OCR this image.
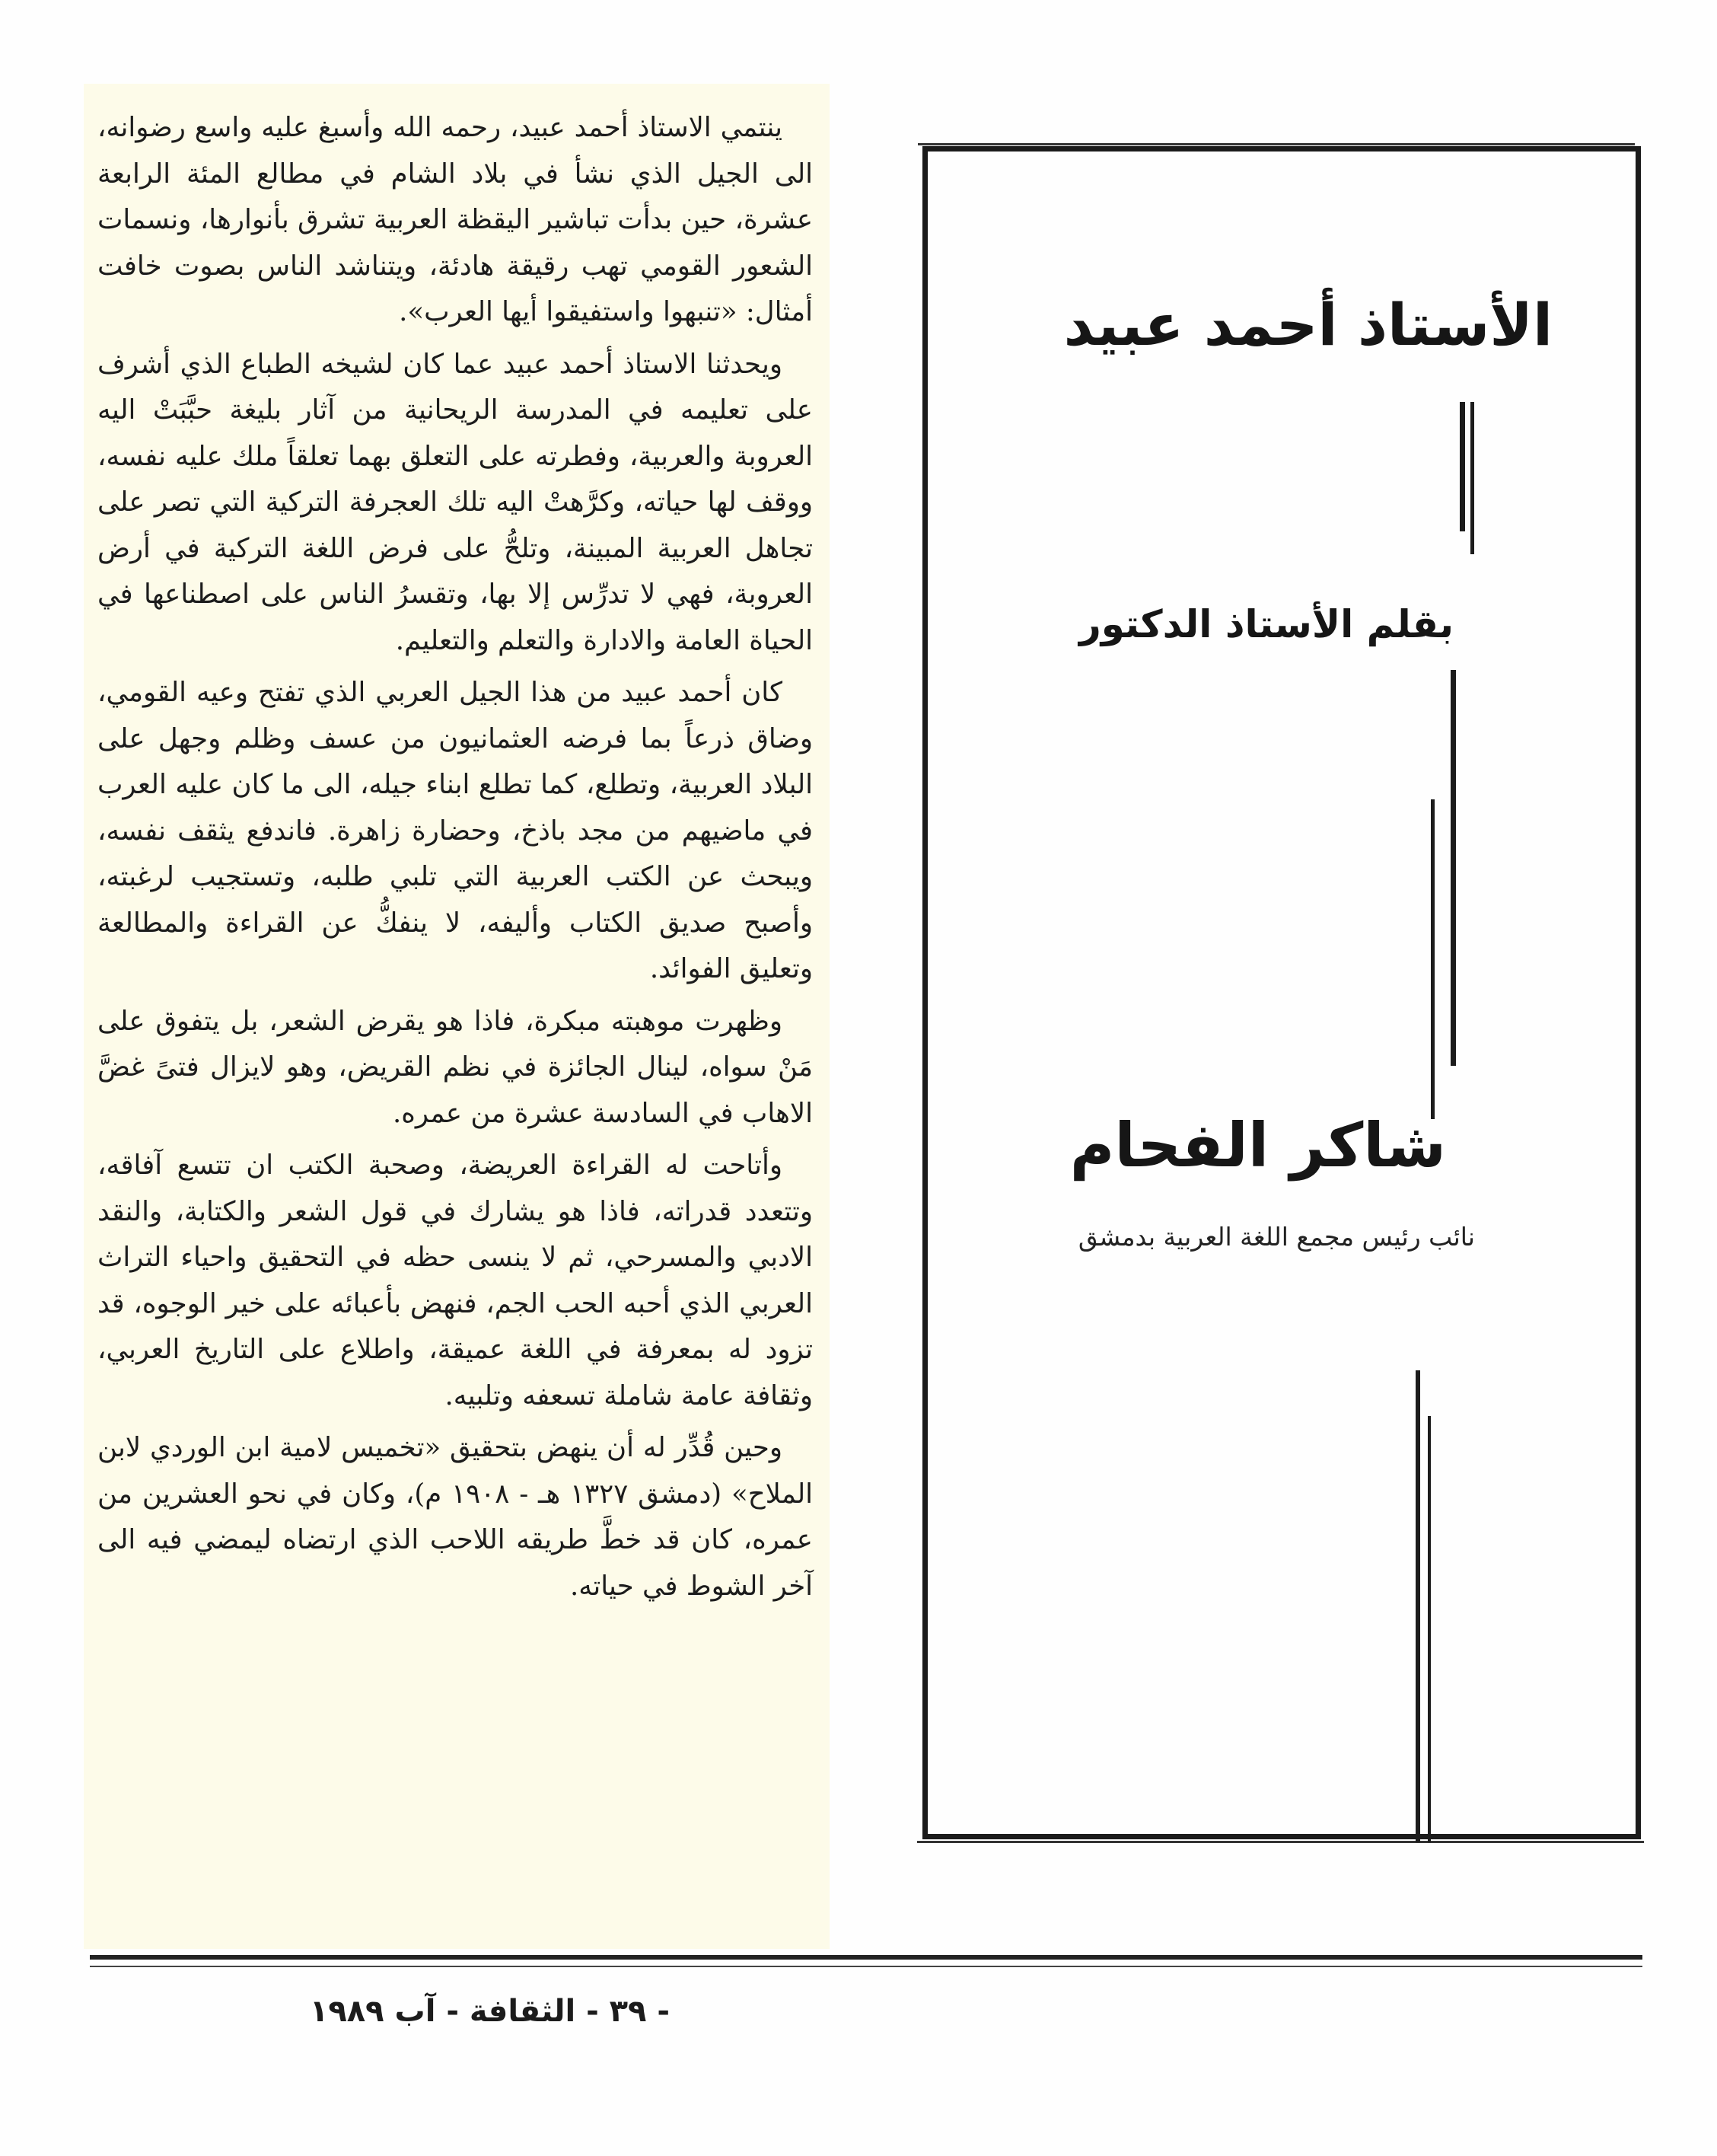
ينتمي الاستاذ أحمد عبيد، رحمه الله وأسبغ عليه واسع رضوانه، الى الجيل الذي نشأ في بلاد الشام في مطالع المئة الرابعة عشرة، حين بدأت تباشير اليقظة العربية تشرق بأنوارها، ونسمات الشعور القومي تهب رقيقة هادئة، ويتناشد الناس بصوت خافت أمثال: «تنبهوا واستفيقوا أيها العرب».

ويحدثنا الاستاذ أحمد عبيد عما كان لشيخه الطباع الذي أشرف على تعليمه في المدرسة الريحانية من آثار بليغة حبَّبَتْ اليه العروبة والعربية، وفطرته على التعلق بهما تعلقاً ملك عليه نفسه، ووقف لها حياته، وكرَّهتْ اليه تلك العجرفة التركية التي تصر على تجاهل العربية المبينة، وتلحُّ على فرض اللغة التركية في أرض العروبة، فهي لا تدرِّس إلا بها، وتقسرُ الناس على اصطناعها في الحياة العامة والادارة والتعلم والتعليم.

كان أحمد عبيد من هذا الجيل العربي الذي تفتح وعيه القومي، وضاق ذرعاً بما فرضه العثمانيون من عسف وظلم وجهل على البلاد العربية، وتطلع، كما تطلع ابناء جيله، الى ما كان عليه العرب في ماضيهم من مجد باذخ، وحضارة زاهرة. فاندفع يثقف نفسه، ويبحث عن الكتب العربية التي تلبي طلبه، وتستجيب لرغبته، وأصبح صديق الكتاب وأليفه، لا ينفكُّ عن القراءة والمطالعة وتعليق الفوائد.

وظهرت موهبته مبكرة، فاذا هو يقرض الشعر، بل يتفوق على مَنْ سواه، لينال الجائزة في نظم القريض، وهو لايزال فتىً غضَّ الاهاب في السادسة عشرة من عمره.

وأتاحت له القراءة العريضة، وصحبة الكتب ان تتسع آفاقه، وتتعدد قدراته، فاذا هو يشارك في قول الشعر والكتابة، والنقد الادبي والمسرحي، ثم لا ينسى حظه في التحقيق واحياء التراث العربي الذي أحبه الحب الجم، فنهض بأعبائه على خير الوجوه، قد تزود له بمعرفة في اللغة عميقة، واطلاع على التاريخ العربي، وثقافة عامة شاملة تسعفه وتلبيه.

وحين قُدِّر له أن ينهض بتحقيق «تخميس لامية ابن الوردي لابن الملاح» (دمشق ١٣٢٧ هـ - ١٩٠٨ م)، وكان في نحو العشرين من عمره، كان قد خطَّ طريقه اللاحب الذي ارتضاه ليمضي فيه الى آخر الشوط في حياته.

الأستاذ أحمد عبيد
بقلم الأستاذ الدكتور
شاكر الفحام
نائب رئيس مجمع اللغة العربية بدمشق
- ٣٩ - الثقافة - آب ١٩٨٩
